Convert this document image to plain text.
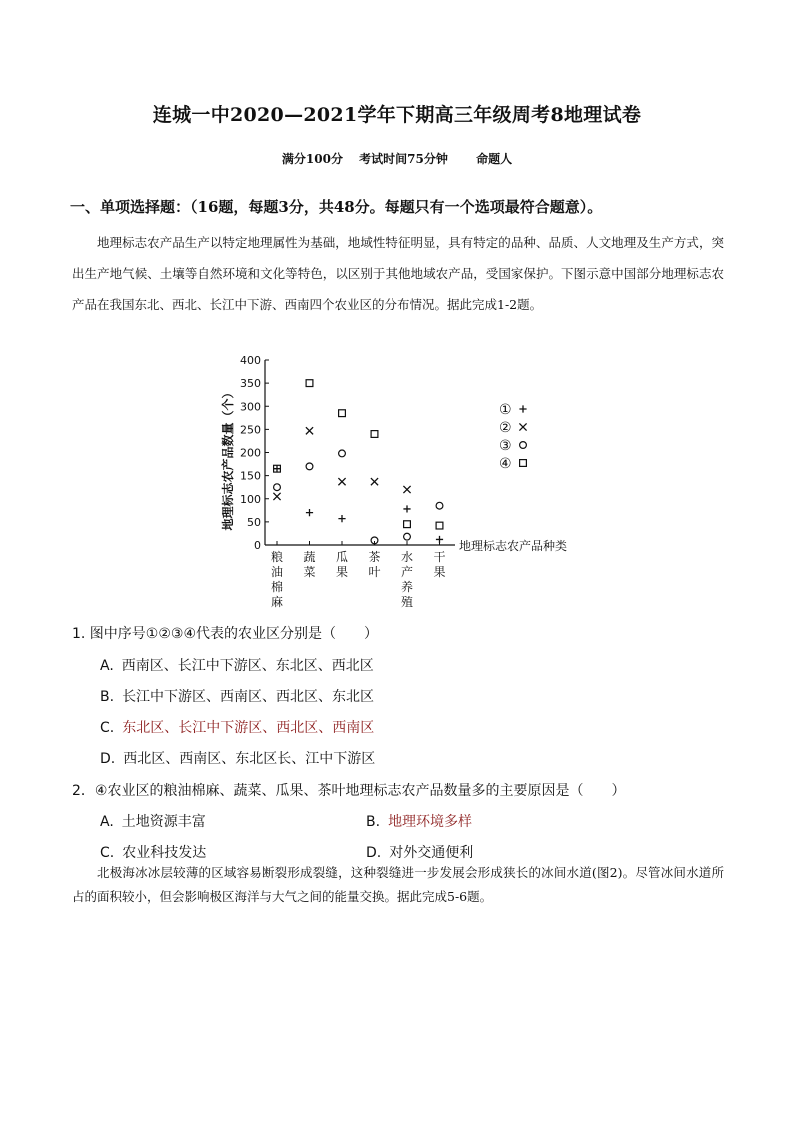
连城一中2020—2021学年下期高三年级周考8地理试卷
满分100分 考试时间75分钟 命题人
一、单项选择题：（16题，每题3分，共48分。每题只有一个选项最符合题意）。
地理标志农产品生产以特定地理属性为基础，地域性特征明显，具有特定的品种、品质、人文地理及生产方式，突出生产地气候、土壤等自然环境和文化等特色，以区别于其他地域农产品，受国家保护。下图示意中国部分地理标志农产品在我国东北、西北、长江中下游、西南四个农业区的分布情况。据此完成1-2题。
0
50
100
150
200
250
300
350
400
地理标志农产品数量（个）
粮油棉麻
蔬菜
瓜果
茶叶
水产养殖
干果
地理标志农产品种类
①
②
③
④
1. 图中序号①②③④代表的农业区分别是（　　）
A. 西南区、长江中下游区、东北区、西北区
B. 长江中下游区、西南区、西北区、东北区
C. 东北区、长江中下游区、西北区、西南区
D. 西北区、西南区、东北区长、江中下游区
2．④农业区的粮油棉麻、蔬菜、瓜果、茶叶地理标志农产品数量多的主要原因是（　　）
A. 土地资源丰富	B. 地理环境多样
C. 农业科技发达	D. 对外交通便利
北极海冰冰层较薄的区域容易断裂形成裂缝，这种裂缝进一步发展会形成狭长的冰间水道(图2)。尽管冰间水道所占的面积较小，但会影响极区海洋与大气之间的能量交换。据此完成5-6题。
